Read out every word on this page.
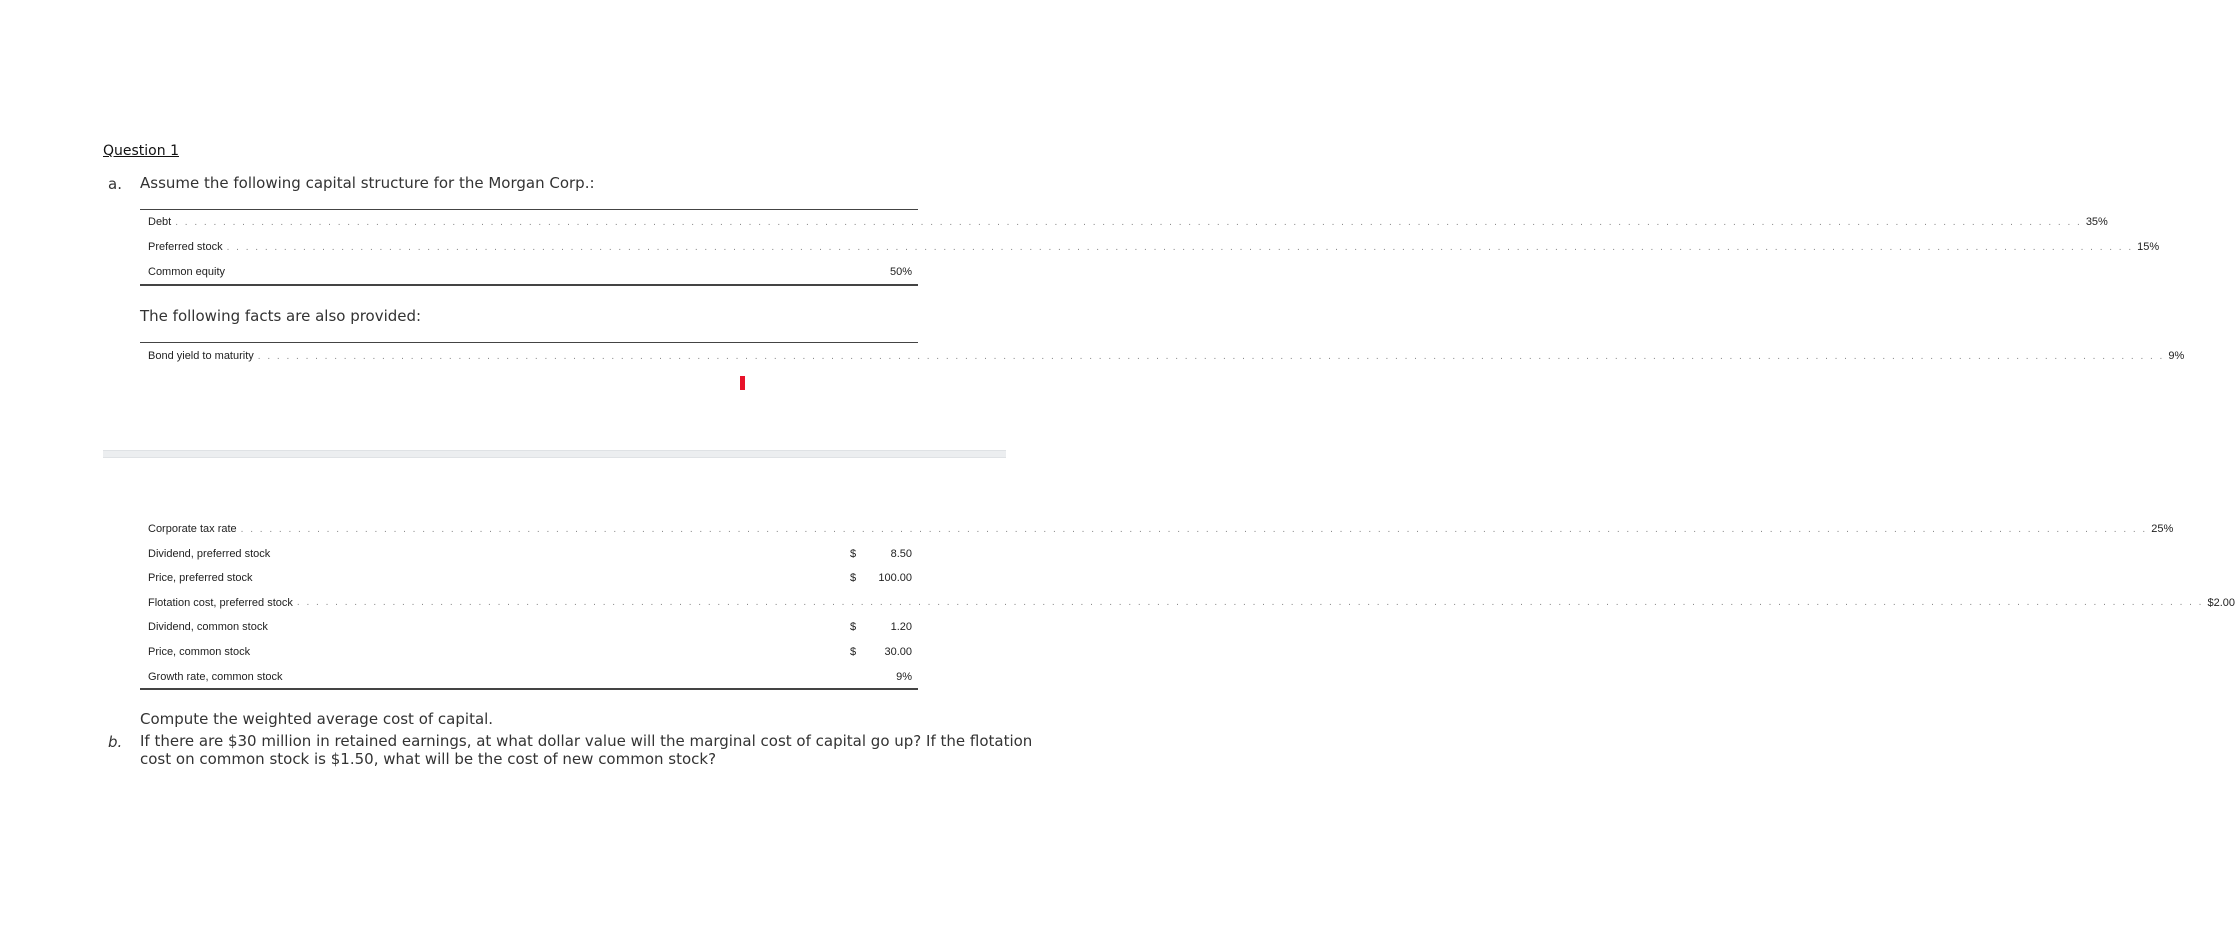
Question 1
a. Assume the following capital structure for the Morgan Corp.:
Debt . . . . . . . . . . . . . . . . . . . . . . . . . . . . . . . . . . . . . . . . . . . . . . . . . . . . . . . . . . . . . . . . . . . . . . . . . . . . . . . . . . . . . . . . . . . . . . . . . . . . . . . . . . . . . . . . . . . . . . . . . . . . . . . . . . . . . . . . . . . . . . . . . . . . . . . . . . . . . . . . . . . . . . . . . . . . . . . . . . . . . . . . . . . . . . . . . . . . . . . . 35%
Preferred stock . . . . . . . . . . . . . . . . . . . . . . . . . . . . . . . . . . . . . . . . . . . . . . . . . . . . . . . . . . . . . . . . . . . . . . . . . . . . . . . . . . . . . . . . . . . . . . . . . . . . . . . . . . . . . . . . . . . . . . . . . . . . . . . . . . . . . . . . . . . . . . . . . . . . . . . . . . . . . . . . . . . . . . . . . . . . . . . . . . . . . . . . . . . . . . . . . . . . . . . . 15%
Common equity	50%
The following facts are also provided:
Bond yield to maturity . . . . . . . . . . . . . . . . . . . . . . . . . . . . . . . . . . . . . . . . . . . . . . . . . . . . . . . . . . . . . . . . . . . . . . . . . . . . . . . . . . . . . . . . . . . . . . . . . . . . . . . . . . . . . . . . . . . . . . . . . . . . . . . . . . . . . . . . . . . . . . . . . . . . . . . . . . . . . . . . . . . . . . . . . . . . . . . . . . . . . . . . . . . . . . . . . . . . . . . . 9%
Corporate tax rate . . . . . . . . . . . . . . . . . . . . . . . . . . . . . . . . . . . . . . . . . . . . . . . . . . . . . . . . . . . . . . . . . . . . . . . . . . . . . . . . . . . . . . . . . . . . . . . . . . . . . . . . . . . . . . . . . . . . . . . . . . . . . . . . . . . . . . . . . . . . . . . . . . . . . . . . . . . . . . . . . . . . . . . . . . . . . . . . . . . . . . . . . . . . . . . . . . . . . . . . 25%
Dividend, preferred stock	$	8.50
Price, preferred stock	$	100.00
Flotation cost, preferred stock . . . . . . . . . . . . . . . . . . . . . . . . . . . . . . . . . . . . . . . . . . . . . . . . . . . . . . . . . . . . . . . . . . . . . . . . . . . . . . . . . . . . . . . . . . . . . . . . . . . . . . . . . . . . . . . . . . . . . . . . . . . . . . . . . . . . . . . . . . . . . . . . . . . . . . . . . . . . . . . . . . . . . . . . . . . . . . . . . . . . . . . . . . . . . . . . . . . . . . . . $ 2.00
Dividend, common stock	$	1.20
Price, common stock	$	30.00
Growth rate, common stock	9%
Compute the weighted average cost of capital.
b. If there are $30 million in retained earnings, at what dollar value will the marginal cost of capital go up? If the flotation
cost on common stock is $1.50, what will be the cost of new common stock?
